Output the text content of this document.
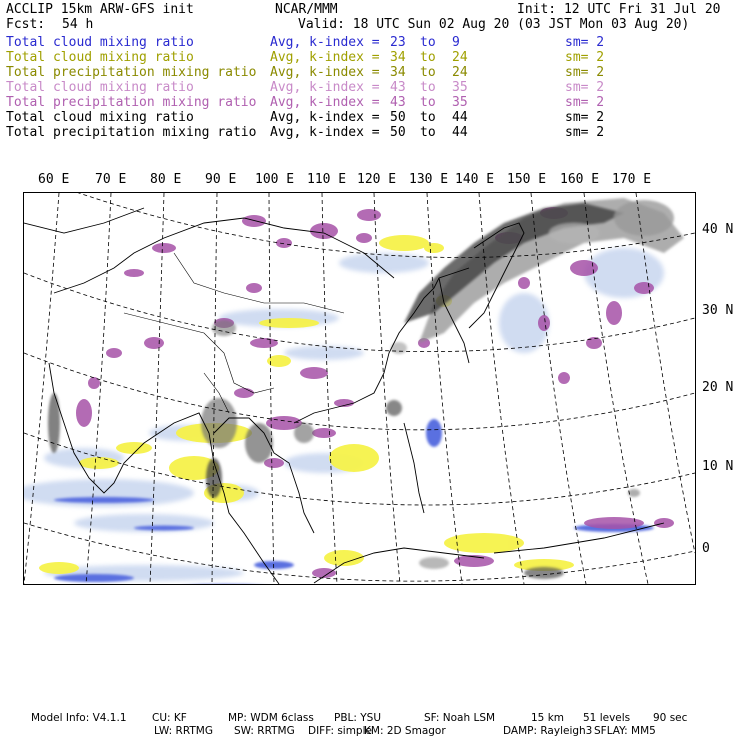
ACCLIP 15km ARW-GFS init	NCAR/MMM	Init: 12 UTC Fri 31 Jul 20
Fcst: 54 h	Valid: 18 UTC Sun 02 Aug 20 (03 JST Mon 03 Aug 20)
Total cloud mixing ratio	Avg, k-index = 23 to 9	sm= 2
Total cloud mixing ratio	Avg, k-index = 34 to 24	sm= 2
Total precipitation mixing ratio Avg, k-index = 34 to 24	sm= 2
Total cloud mixing ratio	Avg, k-index = 43 to 35	sm= 2
Total precipitation mixing ratio Avg, k-index = 43 to 35	sm= 2
Total cloud mixing ratio	Avg, k-index = 50 to 44	sm= 2
Total precipitation mixing ratio Avg, k-index = 50 to 44	sm= 2
60 E 70 E 80 E 90 E 100 E 110 E 120 E 130 E 140 E 150 E 160 E 170 E
40 N
30 N
20 N
10 N
0
Model Info: V4.1.1 CU: KF	MP: WDM 6class PBL: YSU	SF: Noah LSM	15 km 51 levels 90 sec
LW: RRTMG SW: RRTMG DIFF: simple
KM: 2D Smagor	DAMP: Rayleigh3 SFLAY: MM5
